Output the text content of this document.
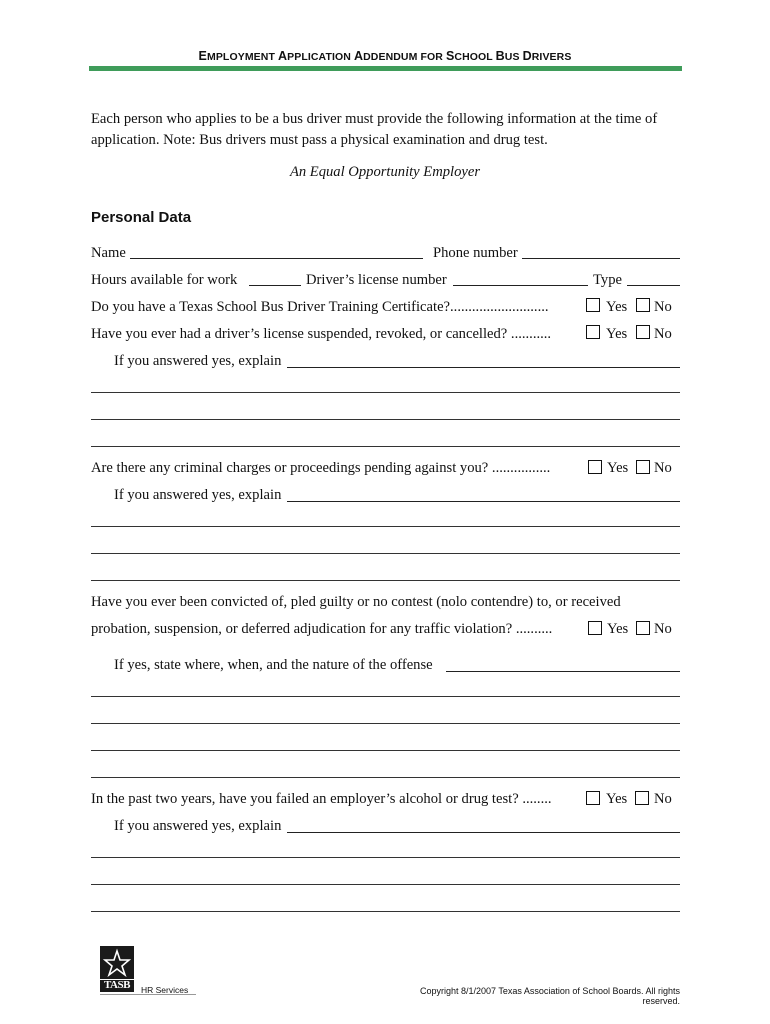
EMPLOYMENT APPLICATION ADDENDUM FOR SCHOOL BUS DRIVERS
Each person who applies to be a bus driver must provide the following information at the time of application. Note: Bus drivers must pass a physical examination and drug test.
An Equal Opportunity Employer
Personal Data
Name	Phone number
Hours available for work	Driver’s license number	Type
Do you have a Texas School Bus Driver Training Certificate?...........................	Yes No
Have you ever had a driver’s license suspended, revoked, or cancelled? ...........	Yes No
If you answered yes, explain
Are there any criminal charges or proceedings pending against you? ................	Yes No
If you answered yes, explain
Have you ever been convicted of, pled guilty or no contest (nolo contendre) to, or received
probation, suspension, or deferred adjudication for any traffic violation? ..........	Yes No
If yes, state where, when, and the nature of the offense
In the past two years, have you failed an employer’s alcohol or drug test? ........	Yes No
If you answered yes, explain
TASB	HR Services	Copyright 8/1/2007 Texas Association of School Boards. All rights reserved.
